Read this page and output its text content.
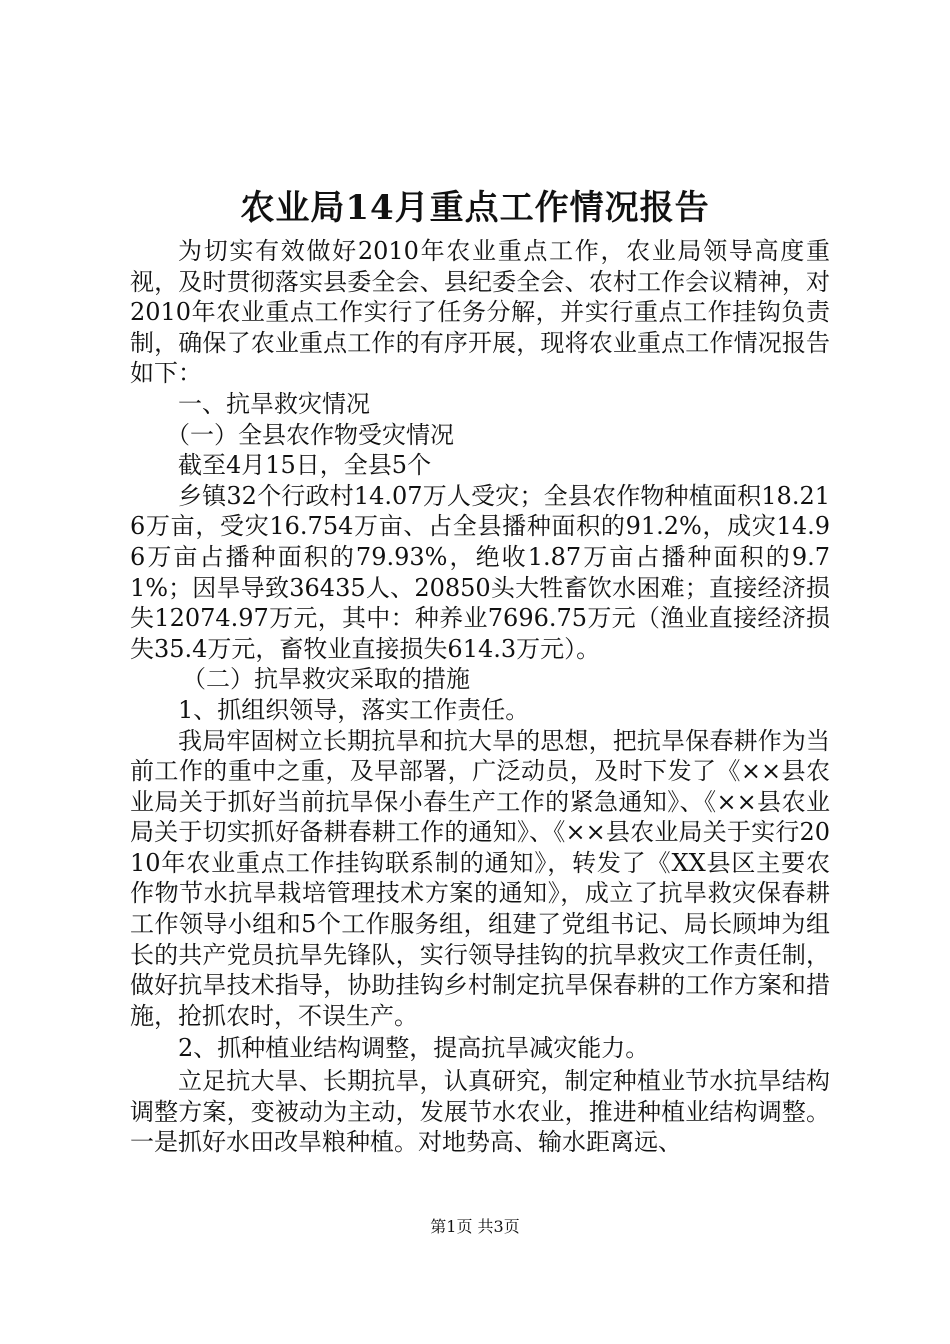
农业局14月重点工作情况报告

为切实有效做好2010年农业重点工作，农业局领导高度重视，及时贯彻落实县委全会、县纪委全会、农村工作会议精神，对2010年农业重点工作实行了任务分解，并实行重点工作挂钩负责制，确保了农业重点工作的有序开展，现将农业重点工作情况报告如下：

一、抗旱救灾情况

（一）全县农作物受灾情况

截至4月15日，全县5个

乡镇32个行政村14.07万人受灾；全县农作物种植面积18.216万亩，受灾16.754万亩、占全县播种面积的91.2%，成灾14.96万亩占播种面积的79.93%，绝收1.87万亩占播种面积的9.71%；因旱导致36435人、20850头大牲畜饮水困难；直接经济损失12074.97万元，其中：种养业7696.75万元（渔业直接经济损失35.4万元，畜牧业直接损失614.3万元）。

（二）抗旱救灾采取的措施

1、抓组织领导，落实工作责任。

我局牢固树立长期抗旱和抗大旱的思想，把抗旱保春耕作为当前工作的重中之重，及早部署，广泛动员，及时下发了《××县农业局关于抓好当前抗旱保小春生产工作的紧急通知》、《××县农业局关于切实抓好备耕春耕工作的通知》、《××县农业局关于实行2010年农业重点工作挂钩联系制的通知》，转发了《XX县区主要农作物节水抗旱栽培管理技术方案的通知》，成立了抗旱救灾保春耕工作领导小组和5个工作服务组，组建了党组书记、局长顾坤为组长的共产党员抗旱先锋队，实行领导挂钩的抗旱救灾工作责任制，做好抗旱技术指导，协助挂钩乡村制定抗旱保春耕的工作方案和措施，抢抓农时，不误生产。

2、抓种植业结构调整，提高抗旱减灾能力。

立足抗大旱、长期抗旱，认真研究，制定种植业节水抗旱结构调整方案，变被动为主动，发展节水农业，推进种植业结构调整。一是抓好水田改旱粮种植。对地势高、输水距离远、

第1页 共3页
